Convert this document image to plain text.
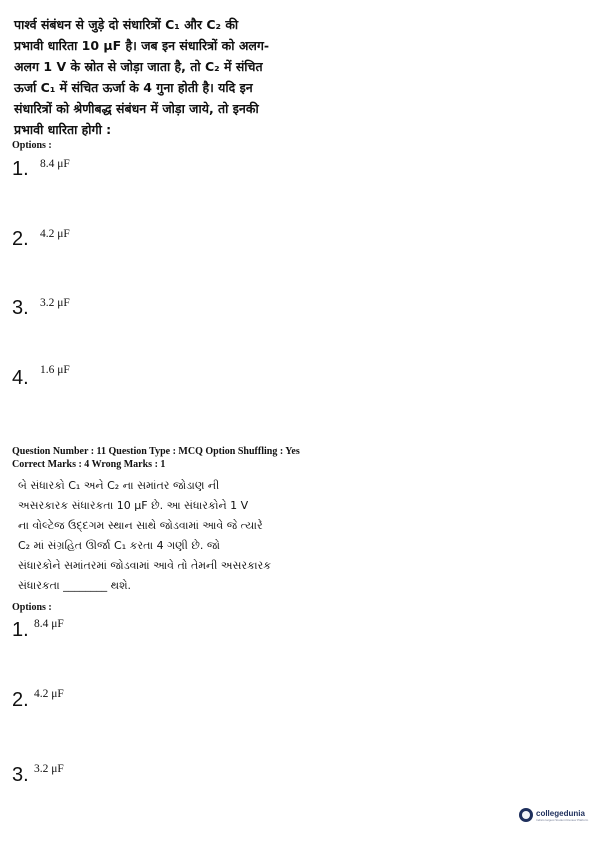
पार्श्व संबंधन से जुड़े दो संधारित्रों C₁ और C₂ की

प्रभावी धारिता 10 μF है। जब इन संधारित्रों को अलग-

अलग 1 V के स्रोत से जोड़ा जाता है, तो C₂ में संचित

ऊर्जा C₁ में संचित ऊर्जा के 4 गुना होती है। यदि इन

संधारित्रों को श्रेणीबद्ध संबंधन में जोड़ा जाये, तो इनकी

प्रभावी धारिता होगी :

Options :
1. 8.4 μF
2. 4.2 μF
3. 3.2 μF
4. 1.6 μF
Question Number : 11 Question Type : MCQ Option Shuffling : Yes
Correct Marks : 4 Wrong Marks : 1

બે સંધારકો C₁ અને C₂ ના સમાંતર જોડાણ ની

અસરકારક સંધારકતા 10 μF છે. આ સંધારકોને 1 V

ના વોલ્ટેજ ઉદ્દગમ સ્થાન સાથે જોડવામાં આવે જે ત્યારે

C₂ માં સંગ્રહિત ઊર્જા C₁ કરતા 4 ગણી છે. જો

સંધારકોને સમાંતરમાં જોડવામાં આવે તો તેમની અસરકારક

સંધારકતા ________ થશે.

Options :
1. 8.4 μF
2. 4.2 μF
3. 3.2 μF
collegedunia
India's largest Student Review Platform
